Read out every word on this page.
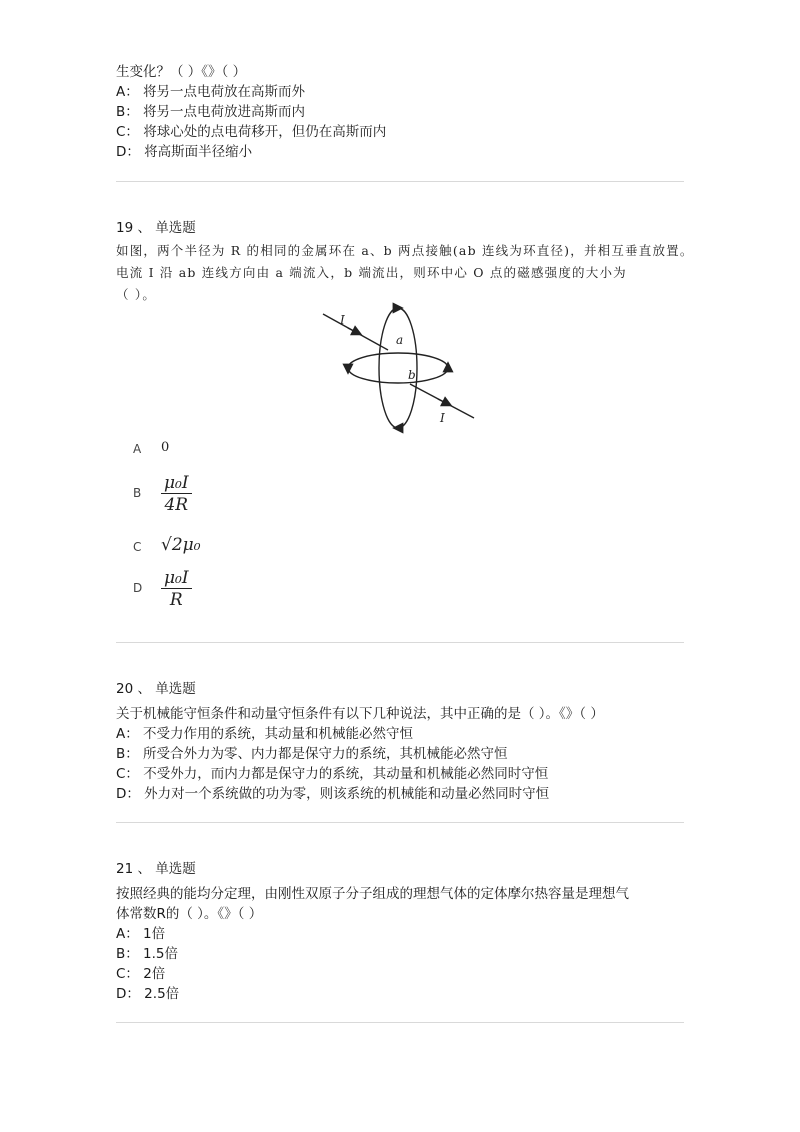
生变化？（ ）《》（ ）
A： 将另一点电荷放在高斯而外
B： 将另一点电荷放进高斯而内
C： 将球心处的点电荷移开，但仍在高斯而内
D： 将高斯面半径缩小
19 、 单选题
如图，两个半径为 R 的相同的金属环在 a、b 两点接触(ab 连线为环直径)，并相互垂直放置。
电流 I 沿 ab 连线方向由 a 端流入，b 端流出，则环中心 O 点的磁感强度的大小为
（ ）。
I
a
b
I
A 0
B $\frac{\text{μ₀I}}{4R}$
C √2μ₀
D $\frac{\text{μ₀I}}{R}$
20 、 单选题
关于机械能守恒条件和动量守恒条件有以下几种说法，其中正确的是（ ）。《》（ ）
A： 不受力作用的系统，其动量和机械能必然守恒
B： 所受合外力为零、内力都是保守力的系统，其机械能必然守恒
C： 不受外力，而内力都是保守力的系统，其动量和机械能必然同时守恒
D： 外力对一个系统做的功为零，则该系统的机械能和动量必然同时守恒
21 、 单选题
按照经典的能均分定理，由刚性双原子分子组成的理想气体的定体摩尔热容量是理想气
体常数R的（ ）。《》（ ）
A： 1倍
B： 1.5倍
C： 2倍
D： 2.5倍
